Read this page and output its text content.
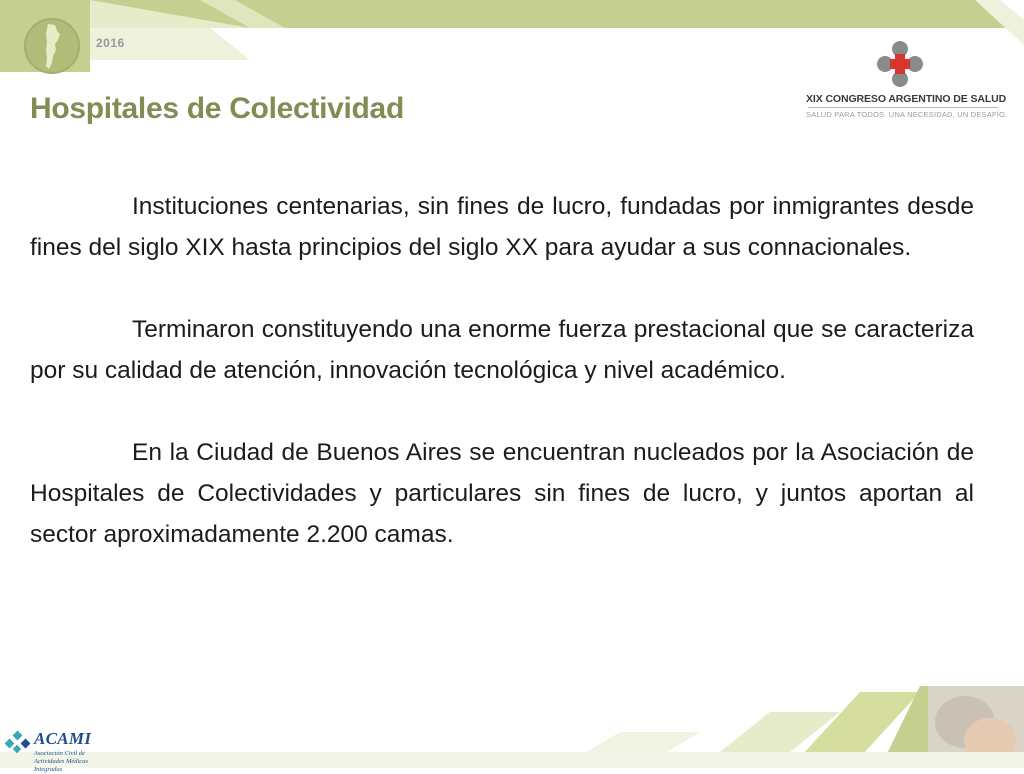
2016
Hospitales de Colectividad	XIX CONGRESO ARGENTINO DE SALUD
SALUD PARA TODOS. UNA NECESIDAD, UN DESAFÍO.

Instituciones centenarias, sin fines de lucro, fundadas por inmigrantes desde fines del siglo XIX hasta principios del siglo XX para ayudar a sus connacionales.

Terminaron constituyendo una enorme fuerza prestacional que se caracteriza por su calidad de atención, innovación tecnológica y nivel académico.

En la Ciudad de Buenos Aires se encuentran nucleados por la Asociación de Hospitales de Colectividades y particulares sin fines de lucro, y juntos aportan al sector aproximadamente 2.200 camas.

ACAMI
Asociación Civil de Actividades Médicas Integradas
